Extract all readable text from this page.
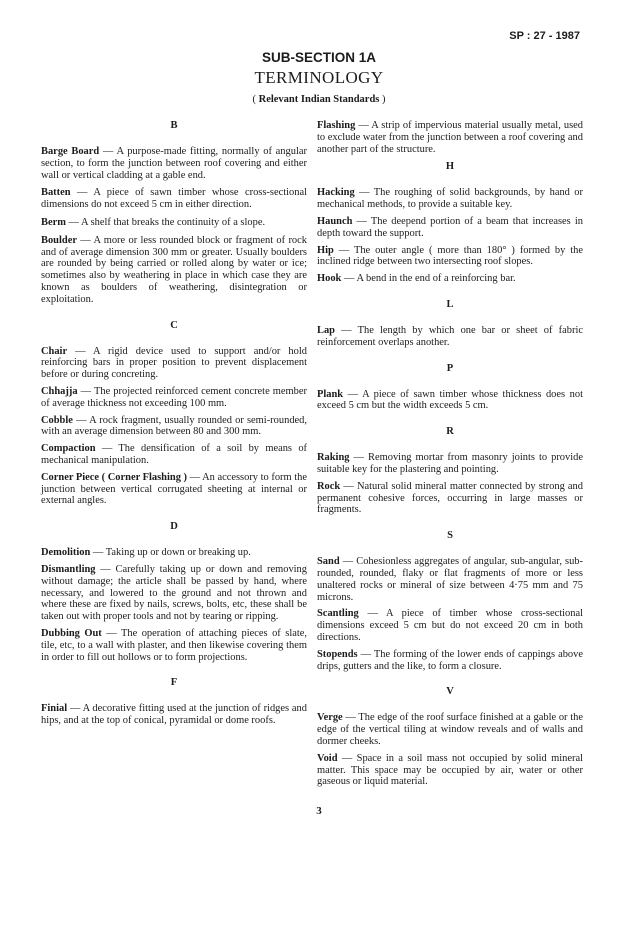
SP : 27 - 1987
SUB-SECTION 1A
TERMINOLOGY
( Relevant Indian Standards )
B
Barge Board — A purpose-made fitting, normally of angular section, to form the junction between roof covering and either wall or vertical cladding at a gable end.
Batten — A piece of sawn timber whose cross-sectional dimensions do not exceed 5 cm in either direction.
Berm — A shelf that breaks the continuity of a slope.
Boulder — A more or less rounded block or fragment of rock and of average dimension 300 mm or greater. Usually boulders are rounded by being carried or rolled along by water or ice; sometimes also by weathering in place in which case they are known as boulders of weathering, disintegration or exploitation.
C
Chair — A rigid device used to support and/or hold reinforcing bars in proper position to prevent displacement before or during concreting.
Chhajja — The projected reinforced cement concrete member of average thickness not exceeding 100 mm.
Cobble — A rock fragment, usually rounded or semi-rounded, with an average dimension between 80 and 300 mm.
Compaction — The densification of a soil by means of mechanical manipulation.
Corner Piece ( Corner Flashing ) — An accessory to form the junction between vertical corrugated sheeting at internal or external angles.
D
Demolition — Taking up or down or breaking up.
Dismantling — Carefully taking up or down and removing without damage; the article shall be passed by hand, where necessary, and lowered to the ground and not thrown and where these are fixed by nails, screws, bolts, etc, these shall be taken out with proper tools and not by tearing or ripping.
Dubbing Out — The operation of attaching pieces of slate, tile, etc, to a wall with plaster, and then likewise covering them in order to fill out hollows or to form projections.
F
Finial — A decorative fitting used at the junction of ridges and hips, and at the top of conical, pyramidal or dome roofs.
Flashing — A strip of impervious material usually metal, used to exclude water from the junction between a roof covering and another part of the structure.
H
Hacking — The roughing of solid backgrounds, by hand or mechanical methods, to provide a suitable key.
Haunch — The deepend portion of a beam that increases in depth toward the support.
Hip — The outer angle ( more than 180° ) formed by the inclined ridge between two intersecting roof slopes.
Hook — A bend in the end of a reinforcing bar.
L
Lap — The length by which one bar or sheet of fabric reinforcement overlaps another.
P
Plank — A piece of sawn timber whose thickness does not exceed 5 cm but the width exceeds 5 cm.
R
Raking — Removing mortar from masonry joints to provide suitable key for the plastering and pointing.
Rock — Natural solid mineral matter connected by strong and permanent cohesive forces, occurring in large masses or fragments.
S
Sand — Cohesionless aggregates of angular, sub-angular, sub-rounded, rounded, flaky or flat fragments of more or less unaltered rocks or mineral of size between 4·75 mm and 75 microns.
Scantling — A piece of timber whose cross-sectional dimensions exceed 5 cm but do not exceed 20 cm in both directions.
Stopends — The forming of the lower ends of cappings above drips, gutters and the like, to form a closure.
V
Verge — The edge of the roof surface finished at a gable or the edge of the vertical tiling at window reveals and of walls and dormer cheeks.
Void — Space in a soil mass not occupied by solid mineral matter. This space may be occupied by air, water or other gaseous or liquid material.
3
